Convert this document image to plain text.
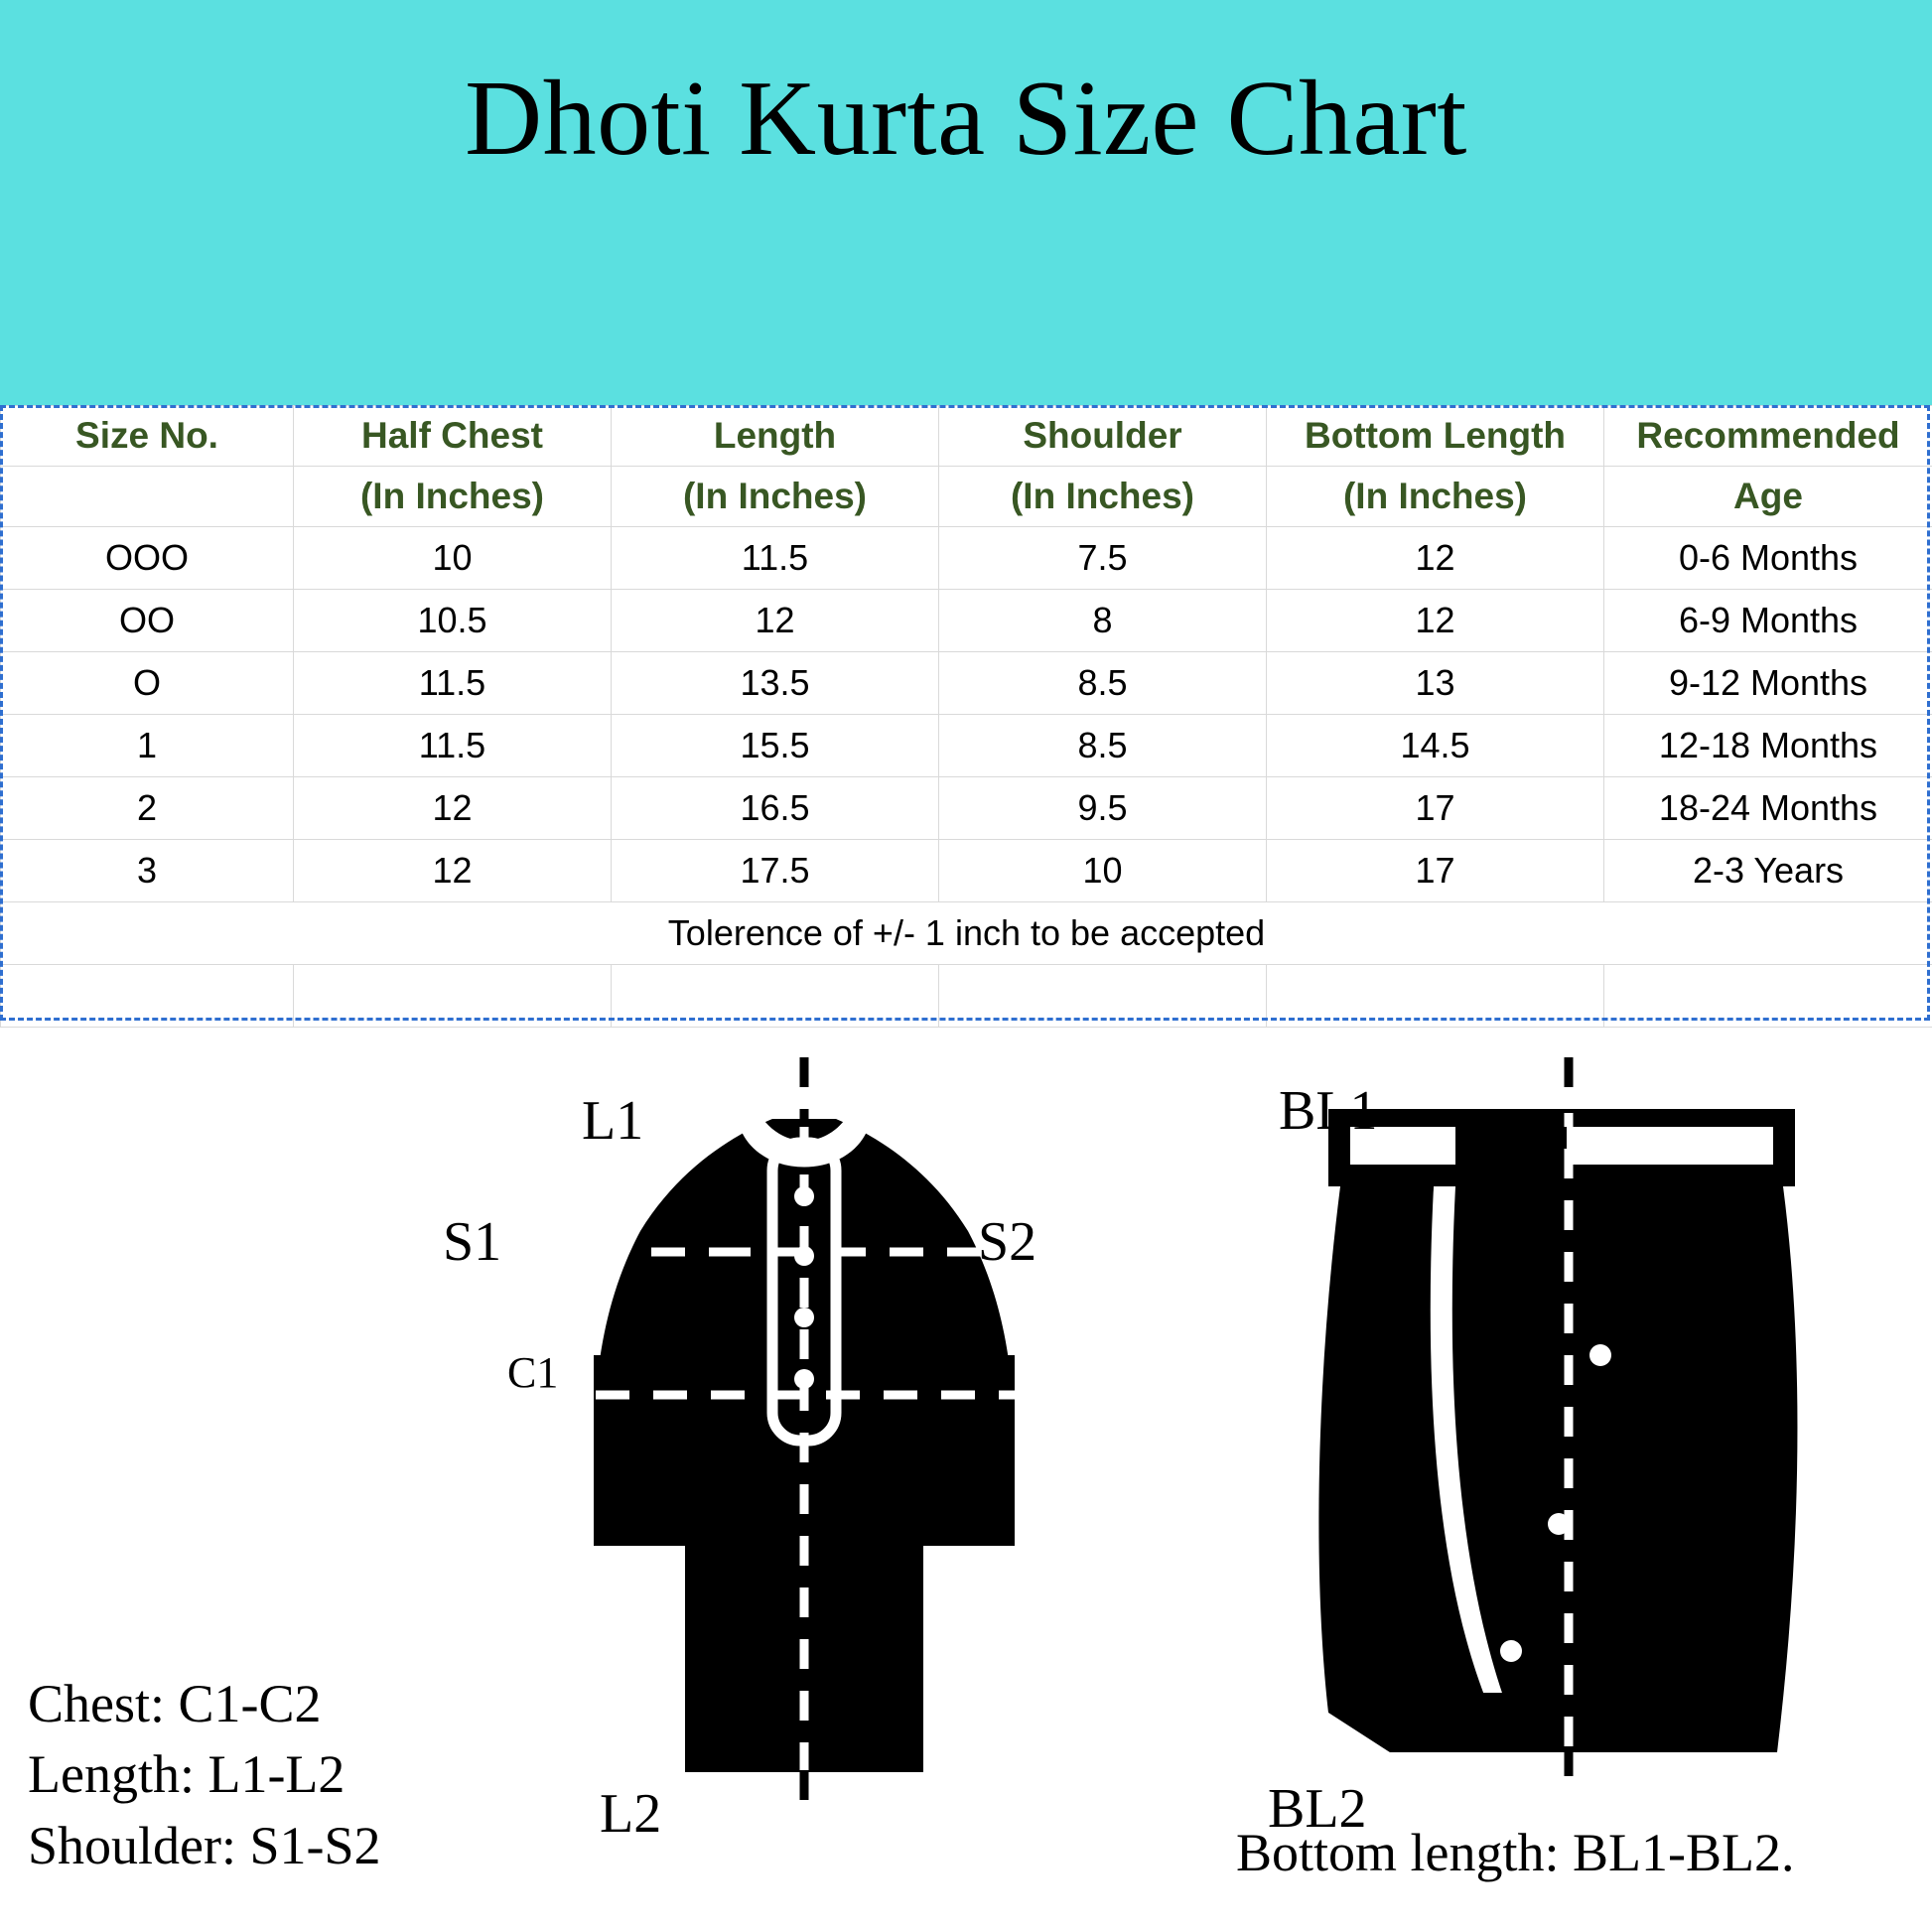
Dhoti Kurta Size Chart
Size No.	Half Chest	Length	Shoulder	Bottom Length	Recommended
	(In Inches)	(In Inches)	(In Inches)	(In Inches)	Age
OOO	10	11.5	7.5	12	0-6 Months
OO	10.5	12	8	12	6-9 Months
O	11.5	13.5	8.5	13	9-12 Months
1	11.5	15.5	8.5	14.5	12-18 Months
2	12	16.5	9.5	17	18-24 Months
3	12	17.5	10	17	2-3 Years
Tolerence of +/- 1 inch to be accepted					

L1
L2
S1	S2
C1	C2
BL1
BL2
Chest: C1-C2
Length: L1-L2
Shoulder: S1-S2	Bottom length: BL1-BL2.
